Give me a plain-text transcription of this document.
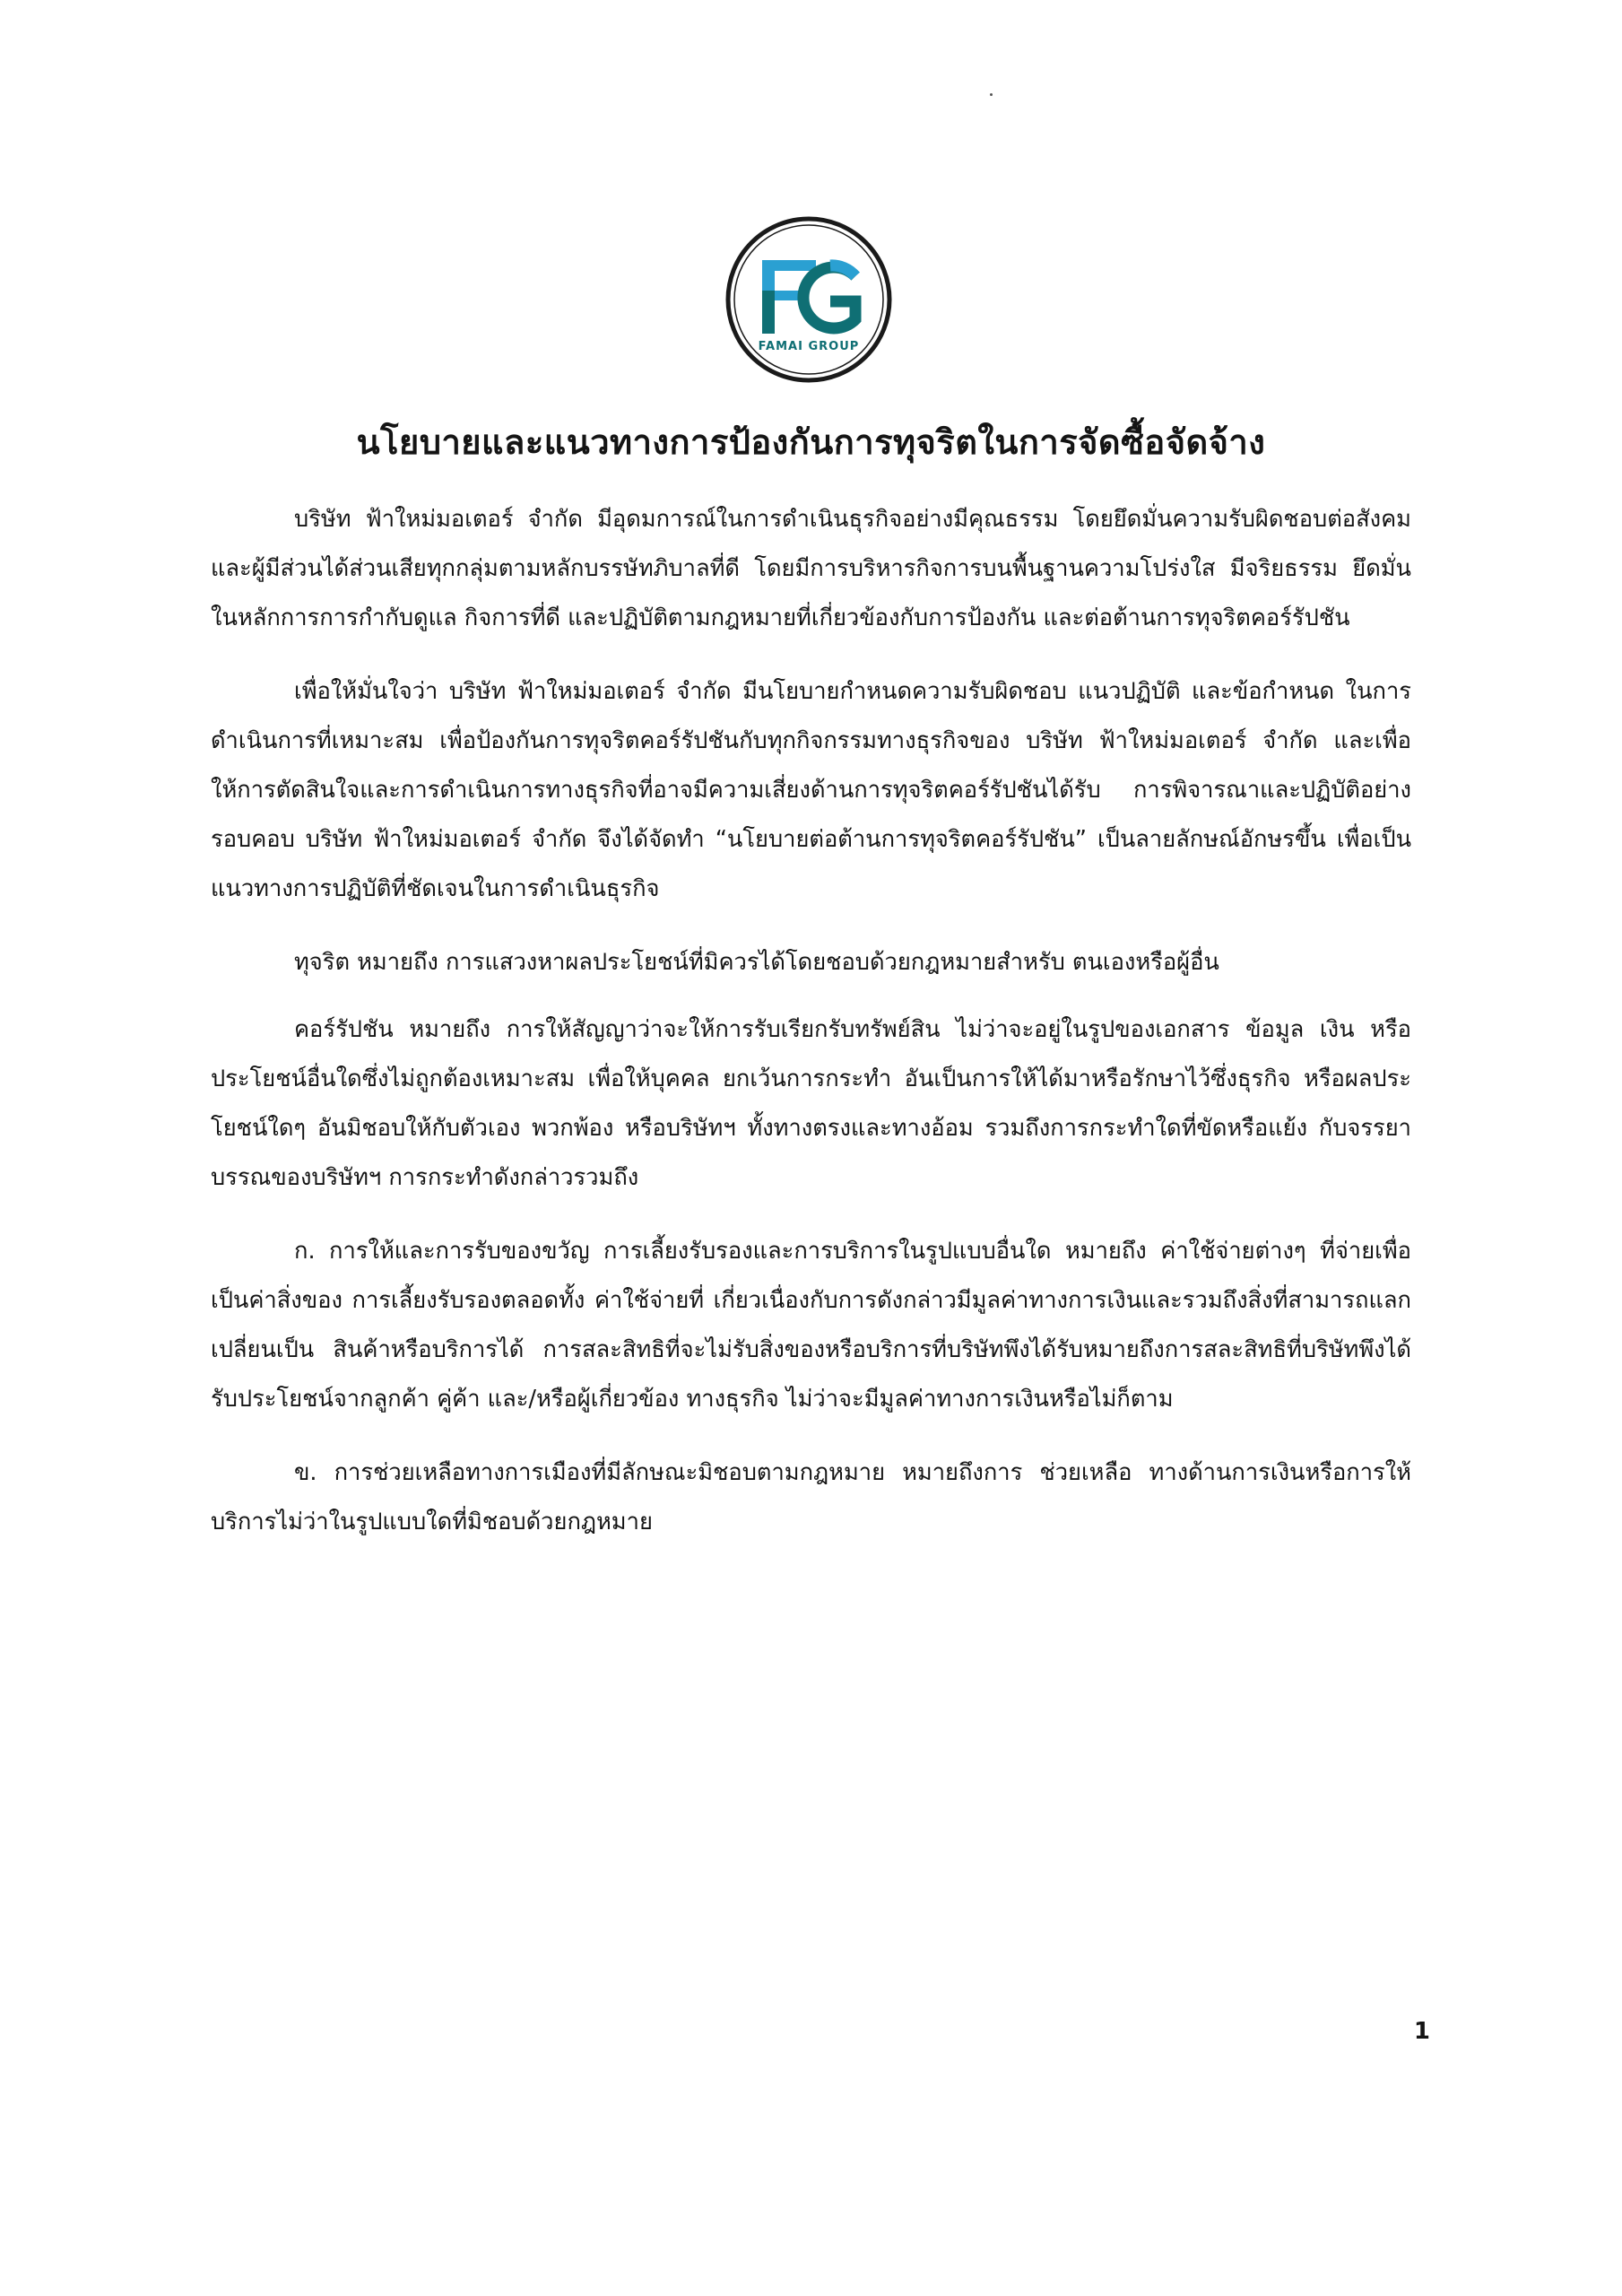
FAMAI GROUP
นโยบายและแนวทางการป้องกันการทุจริตในการจัดซื้อจัดจ้าง

บริษัท ฟ้าใหม่มอเตอร์ จำกัด มีอุดมการณ์ในการดำเนินธุรกิจอย่างมีคุณธรรม โดยยึดมั่นความรับผิดชอบต่อสังคม และผู้มีส่วนได้ส่วนเสียทุกกลุ่มตามหลักบรรษัทภิบาลที่ดี โดยมีการบริหารกิจการบนพื้นฐานความโปร่งใส มีจริยธรรม ยึดมั่นในหลักการการกำกับดูแล กิจการที่ดี และปฏิบัติตามกฎหมายที่เกี่ยวข้องกับการป้องกัน และต่อต้านการทุจริตคอร์รัปชัน

เพื่อให้มั่นใจว่า บริษัท ฟ้าใหม่มอเตอร์ จำกัด มีนโยบายกำหนดความรับผิดชอบ แนวปฏิบัติ และข้อกำหนด ในการดำเนินการที่เหมาะสม เพื่อป้องกันการทุจริตคอร์รัปชันกับทุกกิจกรรมทางธุรกิจของ บริษัท ฟ้าใหม่มอเตอร์ จำกัด และเพื่อให้การตัดสินใจและการดำเนินการทางธุรกิจที่อาจมีความเสี่ยงด้านการทุจริตคอร์รัปชันได้รับ การพิจารณาและปฏิบัติอย่างรอบคอบ บริษัท ฟ้าใหม่มอเตอร์ จำกัด จึงได้จัดทำ “นโยบายต่อต้านการทุจริตคอร์รัปชัน” เป็นลายลักษณ์อักษรขึ้น เพื่อเป็นแนวทางการปฏิบัติที่ชัดเจนในการดำเนินธุรกิจ

ทุจริต หมายถึง การแสวงหาผลประโยชน์ที่มิควรได้โดยชอบด้วยกฎหมายสำหรับ ตนเองหรือผู้อื่น

คอร์รัปชัน หมายถึง การให้สัญญาว่าจะให้การรับเรียกรับทรัพย์สิน ไม่ว่าจะอยู่ในรูปของเอกสาร ข้อมูล เงิน หรือประโยชน์อื่นใดซึ่งไม่ถูกต้องเหมาะสม เพื่อให้บุคคล ยกเว้นการกระทำ อันเป็นการให้ได้มาหรือรักษาไว้ซึ่งธุรกิจ หรือผลประโยชน์ใดๆ อันมิชอบให้กับตัวเอง พวกพ้อง หรือบริษัทฯ ทั้งทางตรงและทางอ้อม รวมถึงการกระทำใดที่ขัดหรือแย้ง กับจรรยาบรรณของบริษัทฯ การกระทำดังกล่าวรวมถึง

ก. การให้และการรับของขวัญ การเลี้ยงรับรองและการบริการในรูปแบบอื่นใด หมายถึง ค่าใช้จ่ายต่างๆ ที่จ่ายเพื่อเป็นค่าสิ่งของ การเลี้ยงรับรองตลอดทั้ง ค่าใช้จ่ายที่ เกี่ยวเนื่องกับการดังกล่าวมีมูลค่าทางการเงินและรวมถึงสิ่งที่สามารถแลกเปลี่ยนเป็น สินค้าหรือบริการได้ การสละสิทธิที่จะไม่รับสิ่งของหรือบริการที่บริษัทพึงได้รับหมายถึงการสละสิทธิที่บริษัทพึงได้รับประโยชน์จากลูกค้า คู่ค้า และ/หรือผู้เกี่ยวข้อง ทางธุรกิจ ไม่ว่าจะมีมูลค่าทางการเงินหรือไม่ก็ตาม

ข. การช่วยเหลือทางการเมืองที่มีลักษณะมิชอบตามกฎหมาย หมายถึงการ ช่วยเหลือ ทางด้านการเงินหรือการให้บริการไม่ว่าในรูปแบบใดที่มิชอบด้วยกฎหมาย

1
